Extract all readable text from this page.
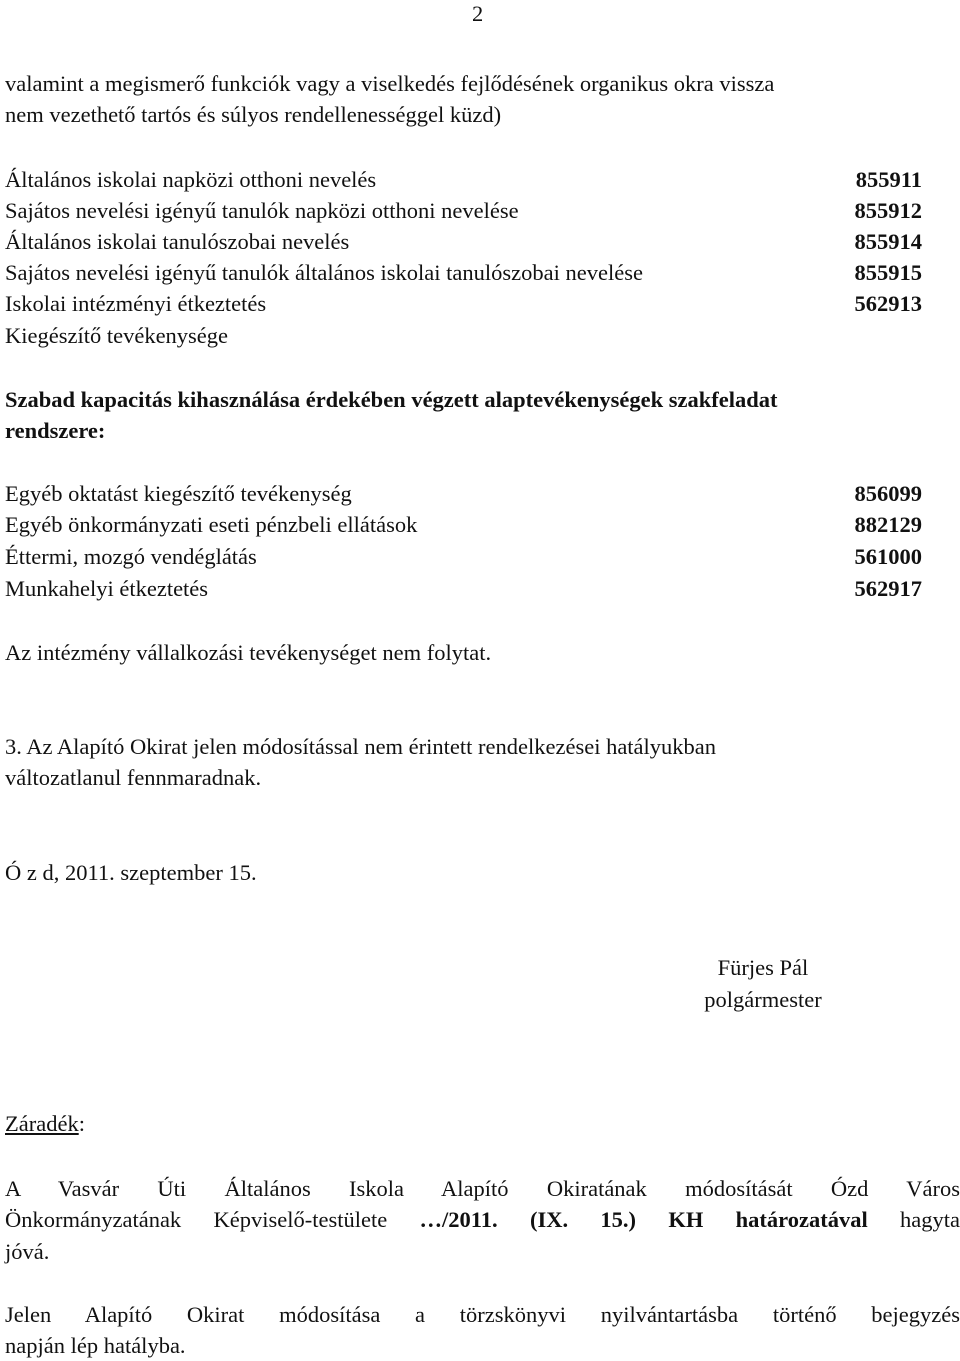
2
valamint a megismerő funkciók vagy a viselkedés fejlődésének organikus okra vissza
nem vezethető tartós és súlyos rendellenességgel küzd)
Általános iskolai napközi otthoni nevelés	855911
Sajátos nevelési igényű tanulók napközi otthoni nevelése	855912
Általános iskolai tanulószobai nevelés	855914
Sajátos nevelési igényű tanulók általános iskolai tanulószobai nevelése	855915
Iskolai intézményi étkeztetés	562913
Kiegészítő tevékenysége
Szabad kapacitás kihasználása érdekében végzett alaptevékenységek szakfeladat
rendszere:
Egyéb oktatást kiegészítő tevékenység	856099
Egyéb önkormányzati eseti pénzbeli ellátások	882129
Éttermi, mozgó vendéglátás	561000
Munkahelyi étkeztetés	562917
Az intézmény vállalkozási tevékenységet nem folytat.
3. Az Alapító Okirat jelen módosítással nem érintett rendelkezései hatályukban
változatlanul fennmaradnak.
Ó z d, 2011. szeptember 15.
Fürjes Pál
polgármester
Záradék:
A Vasvár Úti Általános Iskola Alapító Okiratának módosítását Ózd Város
Önkormányzatának Képviselő-testülete …/2011. (IX. 15.) KH határozatával hagyta
jóvá.
Jelen Alapító Okirat módosítása a törzskönyvi nyilvántartásba történő bejegyzés
napján lép hatályba.
